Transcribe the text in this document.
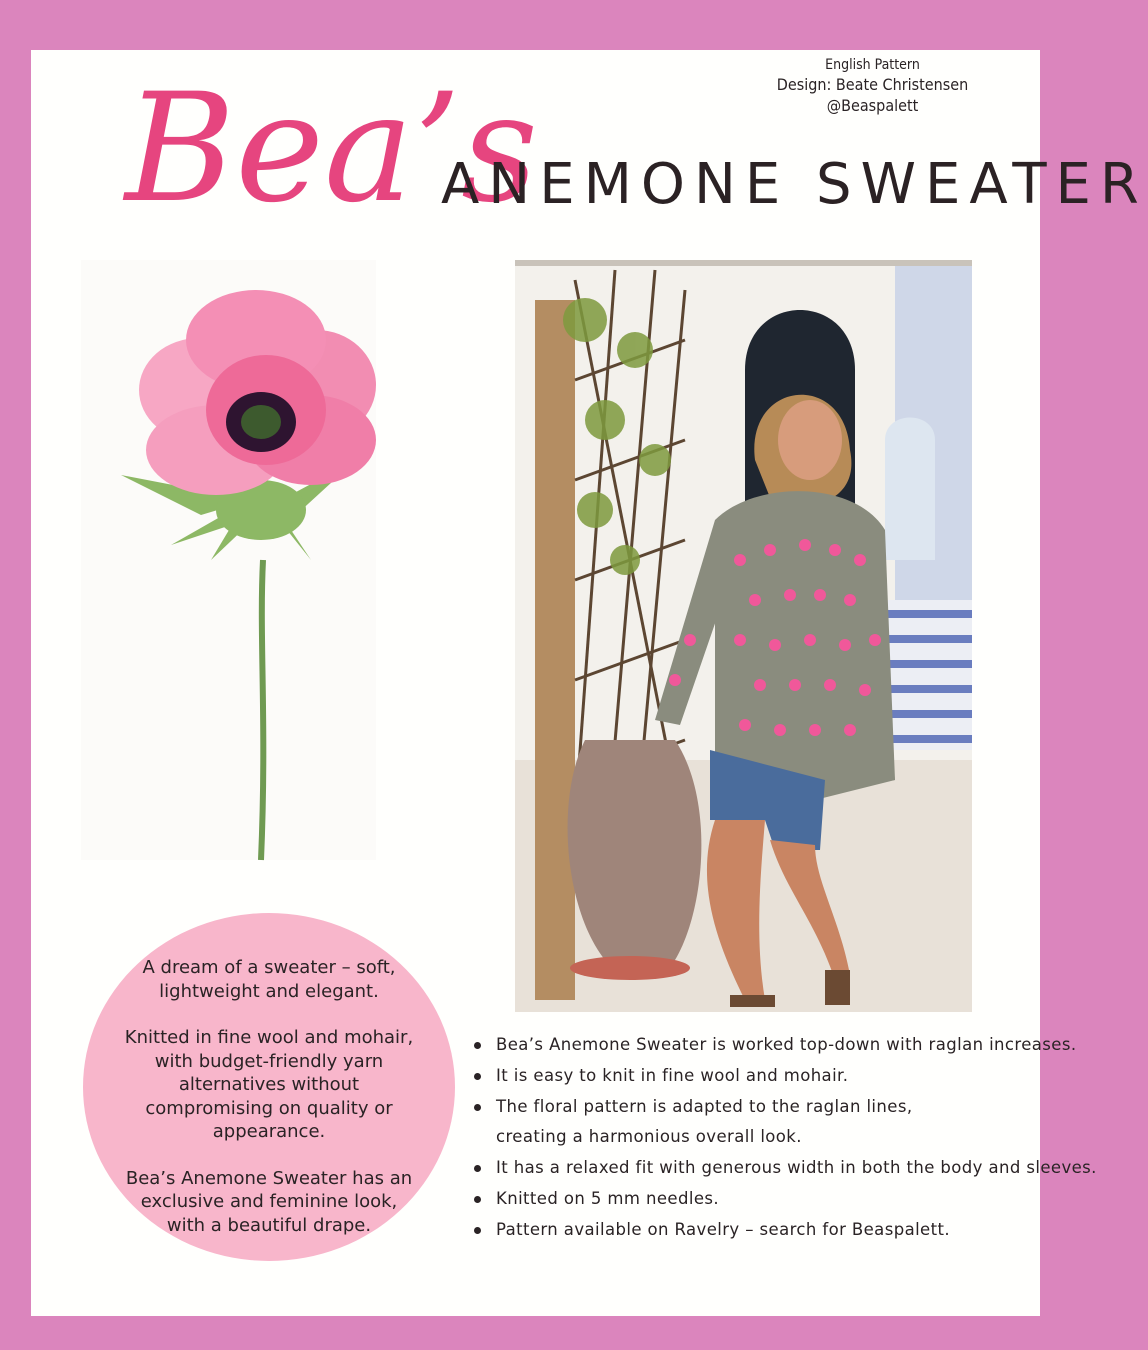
English Pattern
Design: Beate Christensen
@Beaspalett
Bea’s
ANEMONE SWEATER

A dream of a sweater – soft, lightweight and elegant.

Knitted in fine wool and mohair, with budget-friendly yarn alternatives without compromising on quality or appearance.

Bea’s Anemone Sweater has an exclusive and feminine look, with a beautiful drape.

Bea’s Anemone Sweater is worked top-down with raglan increases.
It is easy to knit in fine wool and mohair.
The floral pattern is adapted to the raglan lines, creating a harmonious overall look.
It has a relaxed fit with generous width in both the body and sleeves.
Knitted on 5 mm needles.
Pattern available on Ravelry – search for Beaspalett.
